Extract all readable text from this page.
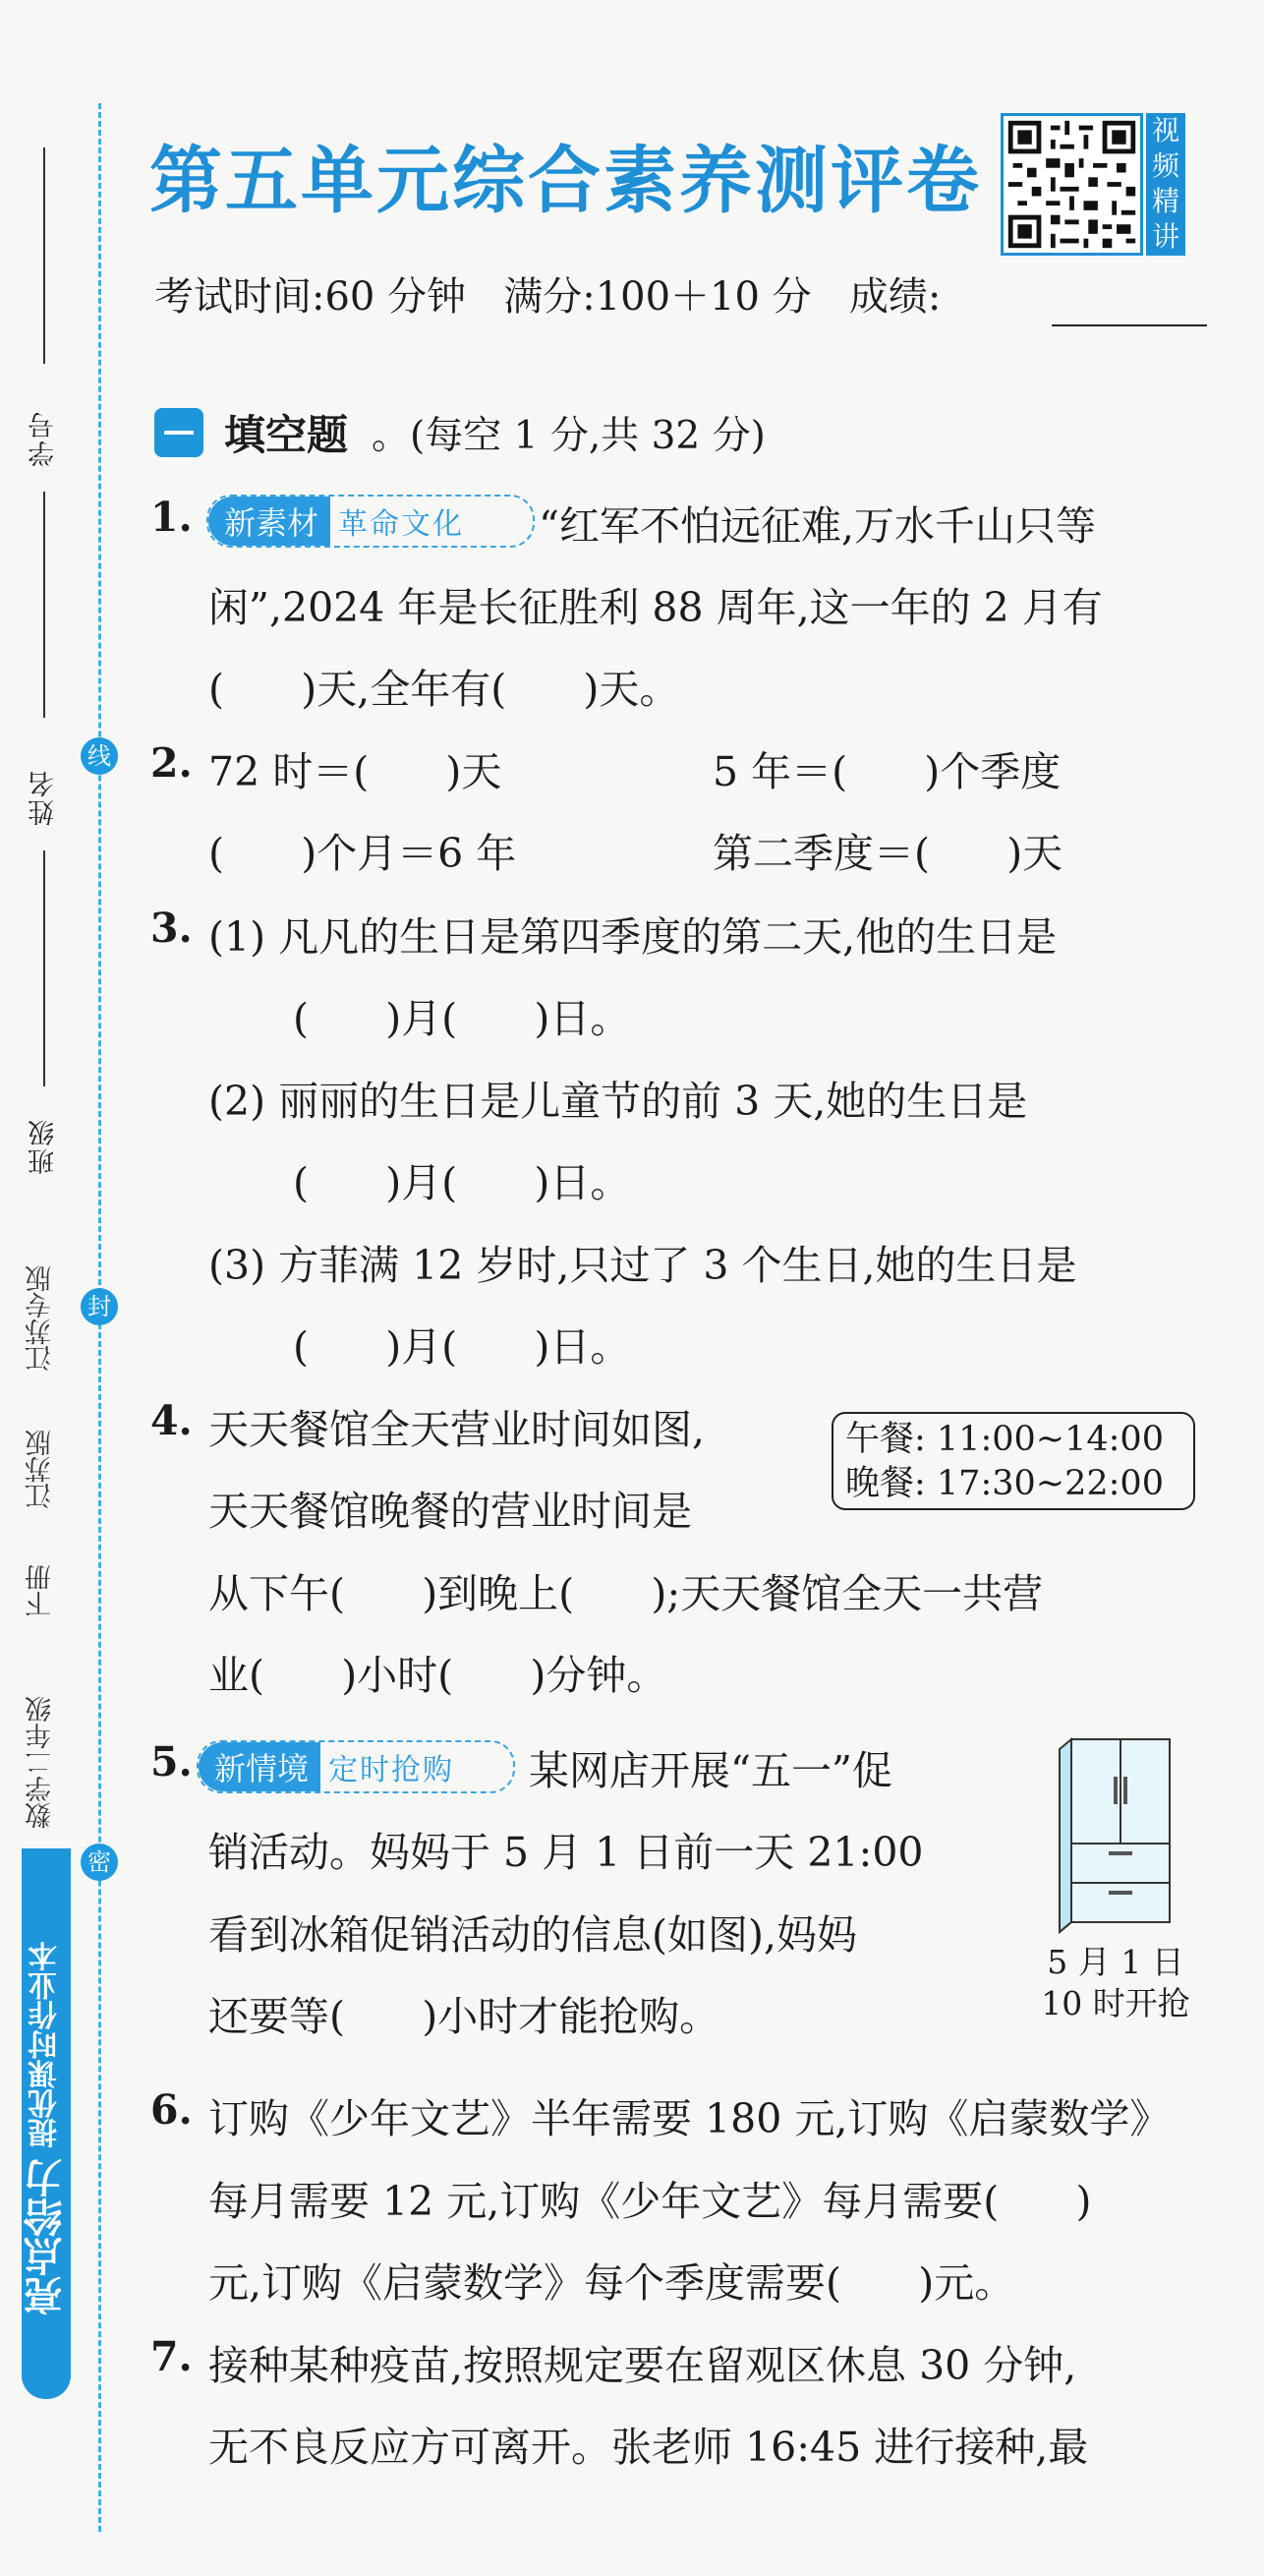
线
封
密
学号
姓名
班级
江苏专版
江苏版
下册
数学二年级
亮点给力 提优课时作业本
第五单元综合素养测评卷
视频精讲
考试时间:60 分钟   满分:100＋10 分   成绩:
填空题 。(每空 1 分,共 32 分)
1.	新素材 革命文化	“红军不怕远征难,万水千山只等
闲”,2024 年是长征胜利 88 周年,这一年的 2 月有
(      )天,全年有(      )天。
2. 72 时＝(      )天	5 年＝(      )个季度
(      )个月＝6 年	第二季度＝(      )天
3. (1) 凡凡的生日是第四季度的第二天,他的生日是
(      )月(      )日。
(2) 丽丽的生日是儿童节的前 3 天,她的生日是
(      )月(      )日。
(3) 方菲满 12 岁时,只过了 3 个生日,她的生日是
(      )月(      )日。
4. 天天餐馆全天营业时间如图,
天天餐馆晚餐的营业时间是
从下午(      )到晚上(      );天天餐馆全天一共营
业(      )小时(      )分钟。
午餐: 11:00~14:00
晚餐: 17:30~22:00
5. 新情境 定时抢购	某网店开展“五一”促
销活动。妈妈于 5 月 1 日前一天 21:00
看到冰箱促销活动的信息(如图),妈妈
还要等(      )小时才能抢购。
5 月 1 日
10 时开抢
6. 订购《少年文艺》半年需要 180 元,订购《启蒙数学》
每月需要 12 元,订购《少年文艺》每月需要(      )
元,订购《启蒙数学》每个季度需要(      )元。
7. 接种某种疫苗,按照规定要在留观区休息 30 分钟,
无不良反应方可离开。张老师 16:45 进行接种,最
